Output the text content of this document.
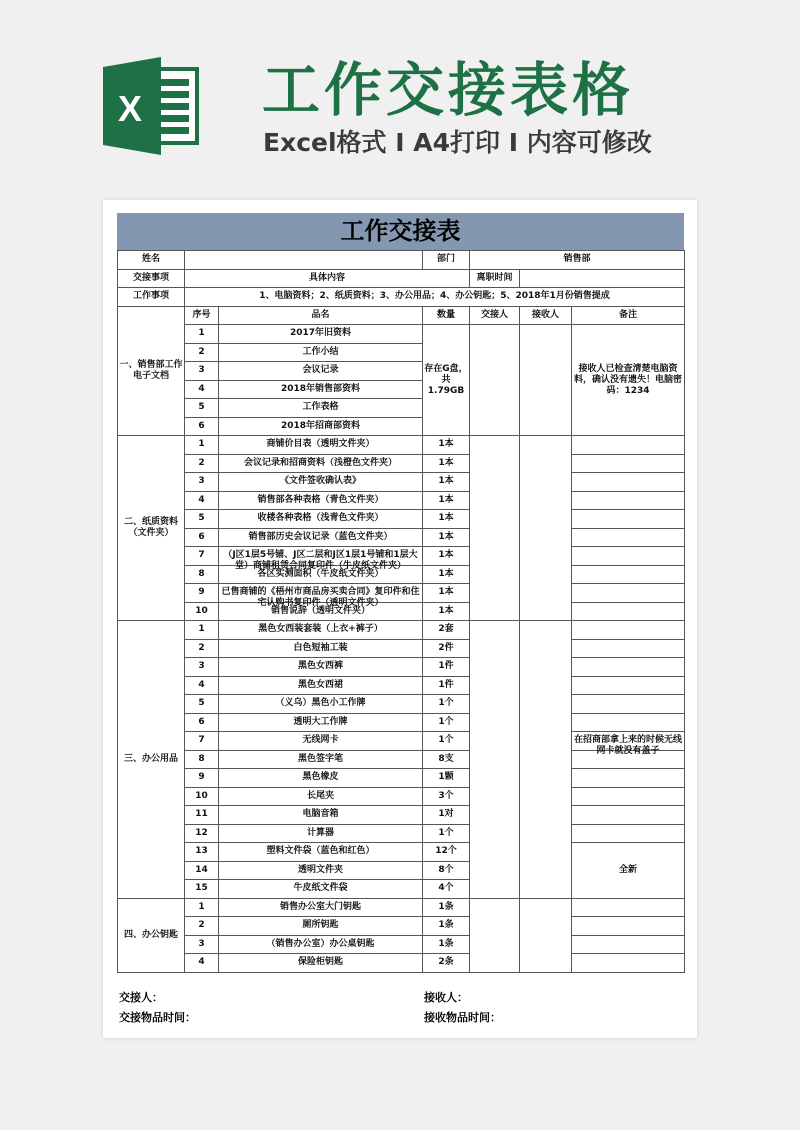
X 工作交接表格
Excel格式 I A4打印 I 内容可修改
工作交接表
姓名			部门	销售部		
交接事项	具体内容			离职时间		
工作事项	1、电脑资料；2、纸质资料；3、办公用品；4、办公钥匙；5、2018年1月份销售提成					
一、销售部工作电子文档	序号	品名	数量	交接人	接收人	备注
	1	2017年旧资料	存在G盘，共1.79GB			接收人已检查清楚电脑资料，确认没有遗失！电脑密码：1234
	2	工作小结				
	3	会议记录				
	4	2018年销售部资料				
	5	工作表格				
	6	2018年招商部资料				
二、纸质资料（文件夹）	1	商铺价目表（透明文件夹）	1本			
	2	会议记录和招商资料（浅橙色文件夹）	1本			
	3	《文件签收确认表》	1本			
	4	销售部各种表格（青色文件夹）	1本			
	5	收楼各种表格（浅青色文件夹）	1本			
	6	销售部历史会议记录（蓝色文件夹）	1本			
	7	（J区1层5号铺、J区二层和J区1层1号铺和1层大堂）商铺租赁合同复印件（牛皮纸文件夹）	1本			
	8	各区实测面积（牛皮纸文件夹）	1本			
	9	已售商铺的《梧州市商品房买卖合同》复印件和住宅认购书复印件（透明文件夹）	1本			
	10	销售说辞（透明文件夹）	1本			
三、办公用品	1	黑色女西装套装（上衣+裤子）	2套			
	2	白色短袖工装	2件			
	3	黑色女西裤	1件			
	4	黑色女西裙	1件			
	5	（义乌）黑色小工作牌	1个			
	6	透明大工作牌	1个			
	7	无线网卡	1个			在招商部拿上来的时候无线网卡就没有盖子

	8	黑色签字笔	8支			
	9	黑色橡皮	1颗			
	10	长尾夹	3个			
	11	电脑音箱	1对			
	12	计算器	1个			
	13	塑料文件袋（蓝色和红色）	12个			全新
	14	透明文件夹	8个			
	15	牛皮纸文件袋	4个			
四、办公钥匙	1	销售办公室大门钥匙	1条			
	2	厕所钥匙	1条			
	3	（销售办公室）办公桌钥匙	1条			
	4	保险柜钥匙	2条			
交接人：
交接物品时间：
接收人：
接收物品时间：
